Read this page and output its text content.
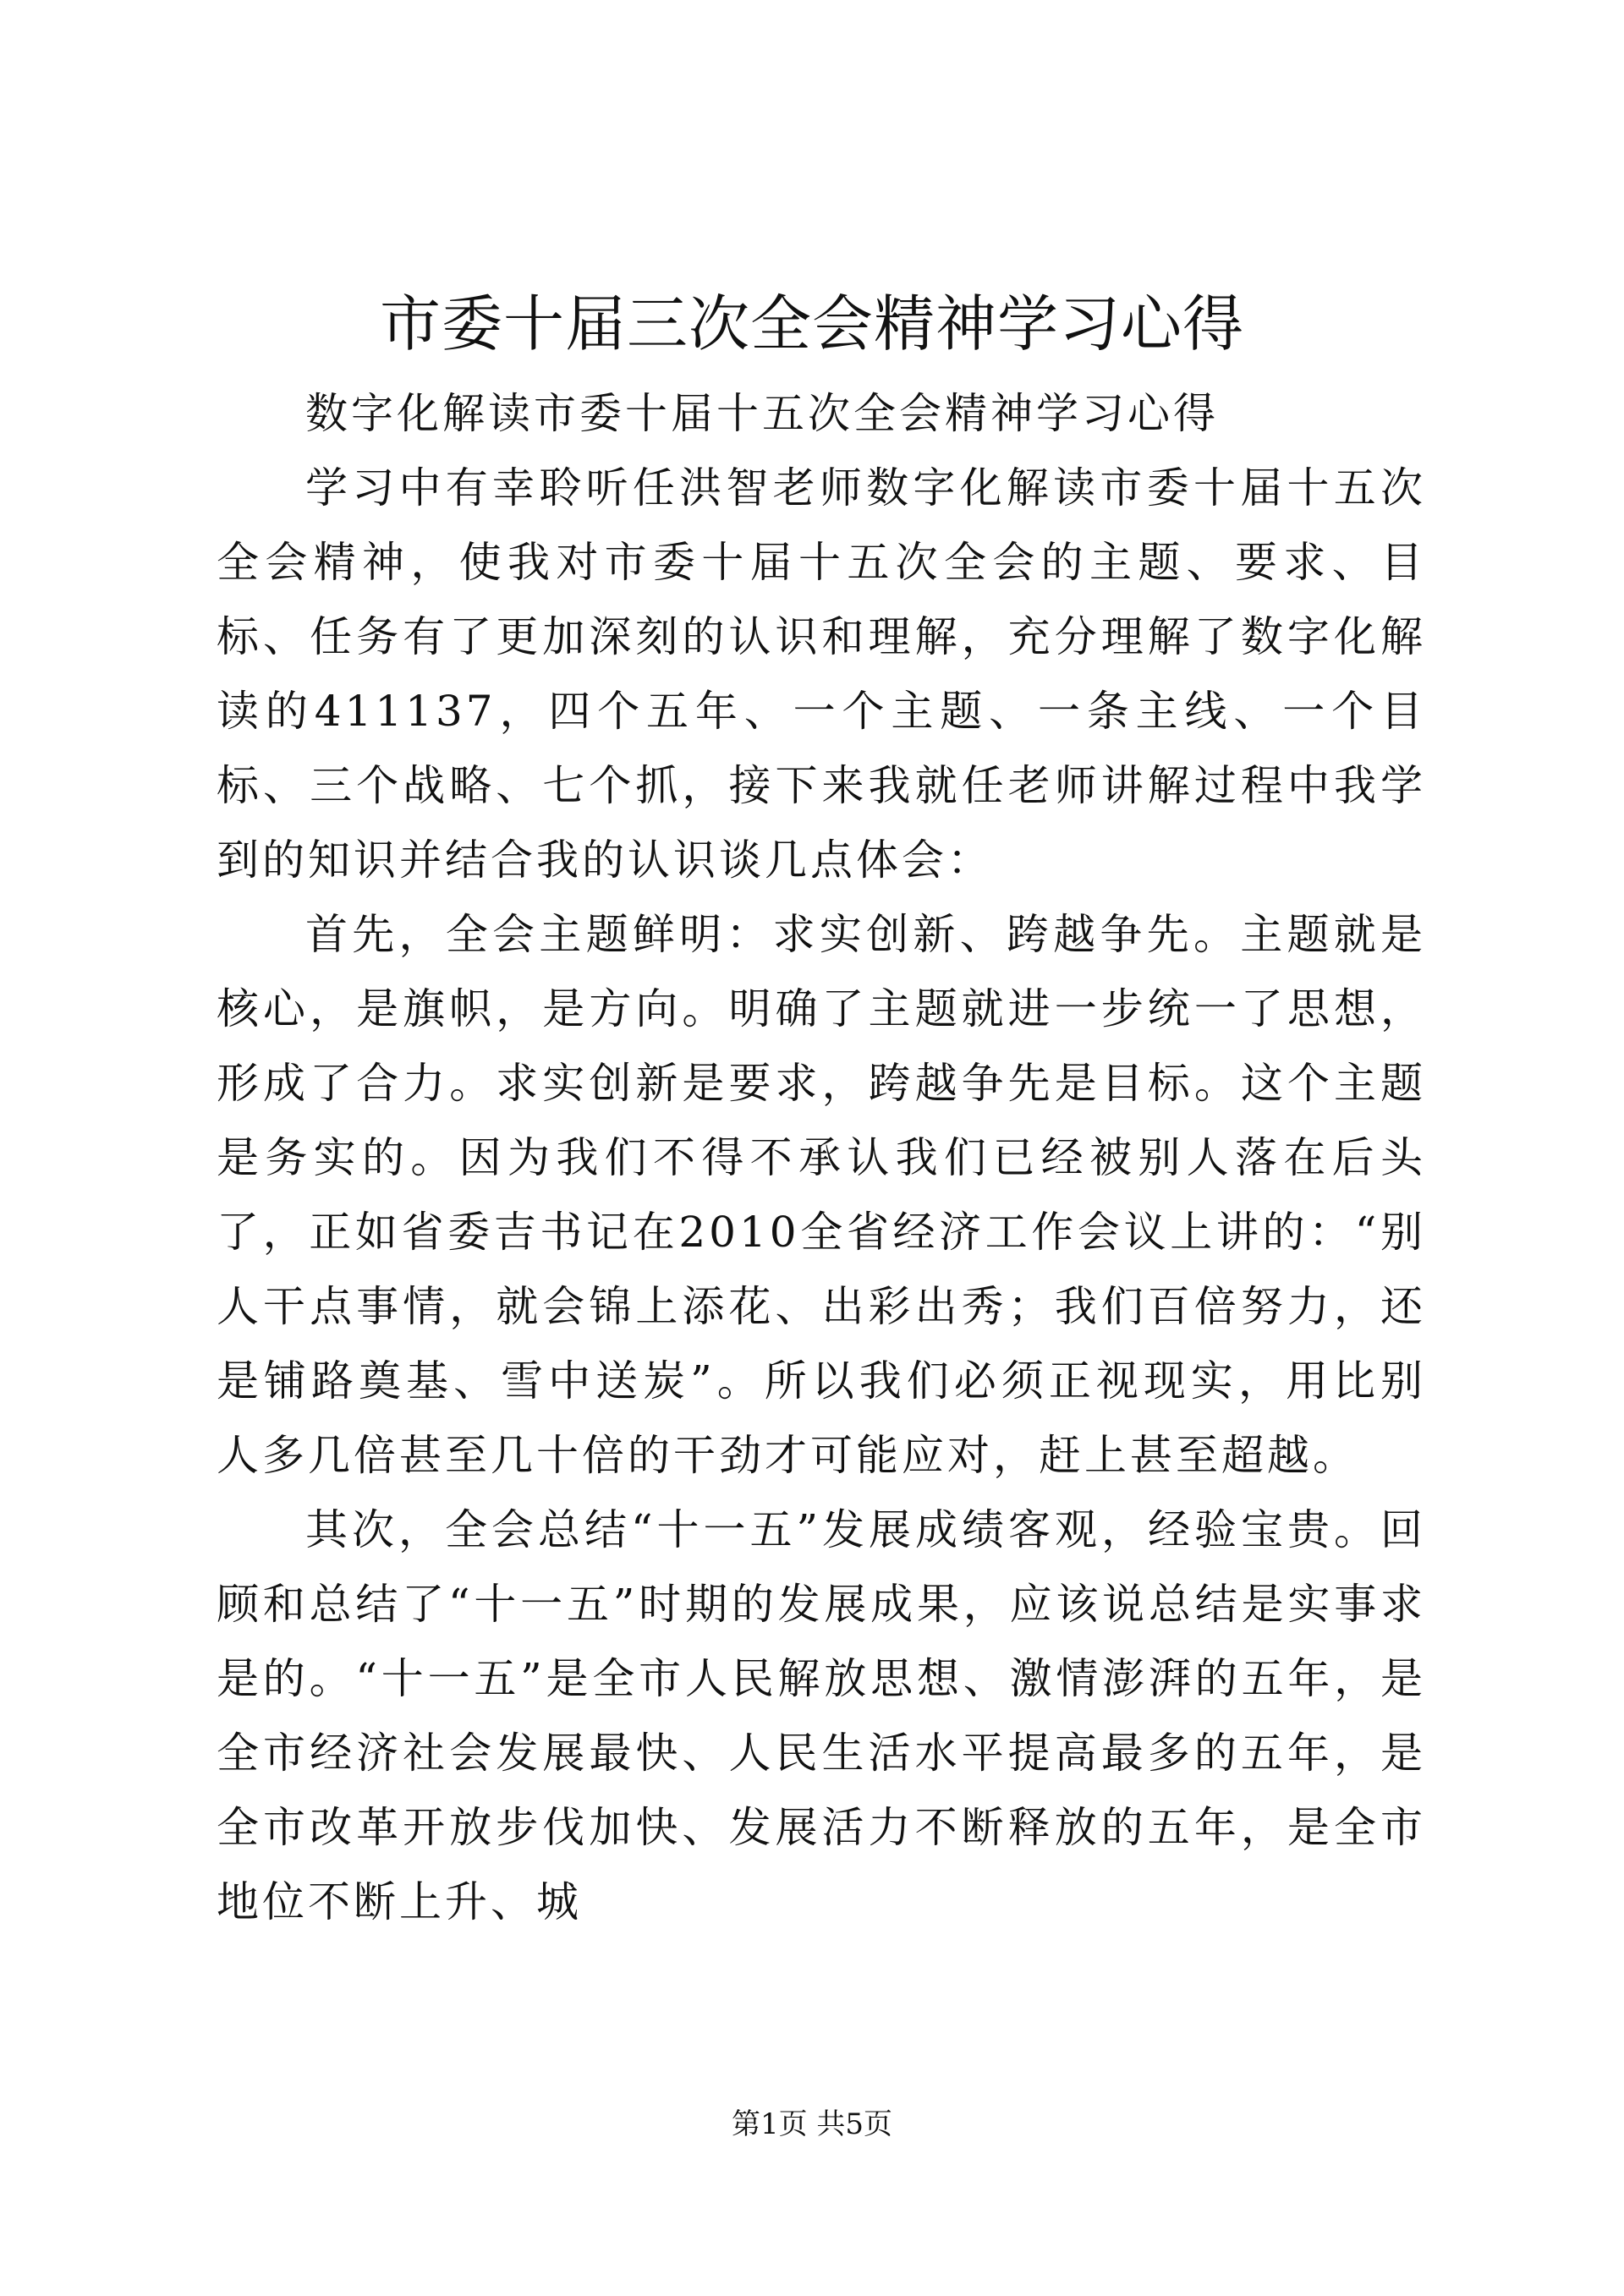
市委十届三次全会精神学习心得

数字化解读市委十届十五次全会精神学习心得

学习中有幸聆听任洪智老师数字化解读市委十届十五次全会精神，使我对市委十届十五次全会的主题、要求、目标、任务有了更加深刻的认识和理解，充分理解了数字化解读的411137，四个五年、一个主题、一条主线、一个目标、三个战略、七个抓，接下来我就任老师讲解过程中我学到的知识并结合我的认识谈几点体会：

首先，全会主题鲜明：求实创新、跨越争先。主题就是核心，是旗帜，是方向。明确了主题就进一步统一了思想，形成了合力。求实创新是要求，跨越争先是目标。这个主题是务实的。因为我们不得不承认我们已经被别人落在后头了，正如省委吉书记在2010全省经济工作会议上讲的：“别人干点事情，就会锦上添花、出彩出秀；我们百倍努力，还是铺路奠基、雪中送炭”。所以我们必须正视现实，用比别人多几倍甚至几十倍的干劲才可能应对，赶上甚至超越。

其次，全会总结“十一五”发展成绩客观，经验宝贵。回顾和总结了“十一五”时期的发展成果，应该说总结是实事求是的。“十一五”是全市人民解放思想、激情澎湃的五年，是全市经济社会发展最快、人民生活水平提高最多的五年，是全市改革开放步伐加快、发展活力不断释放的五年，是全市地位不断上升、城

第1页 共5页
